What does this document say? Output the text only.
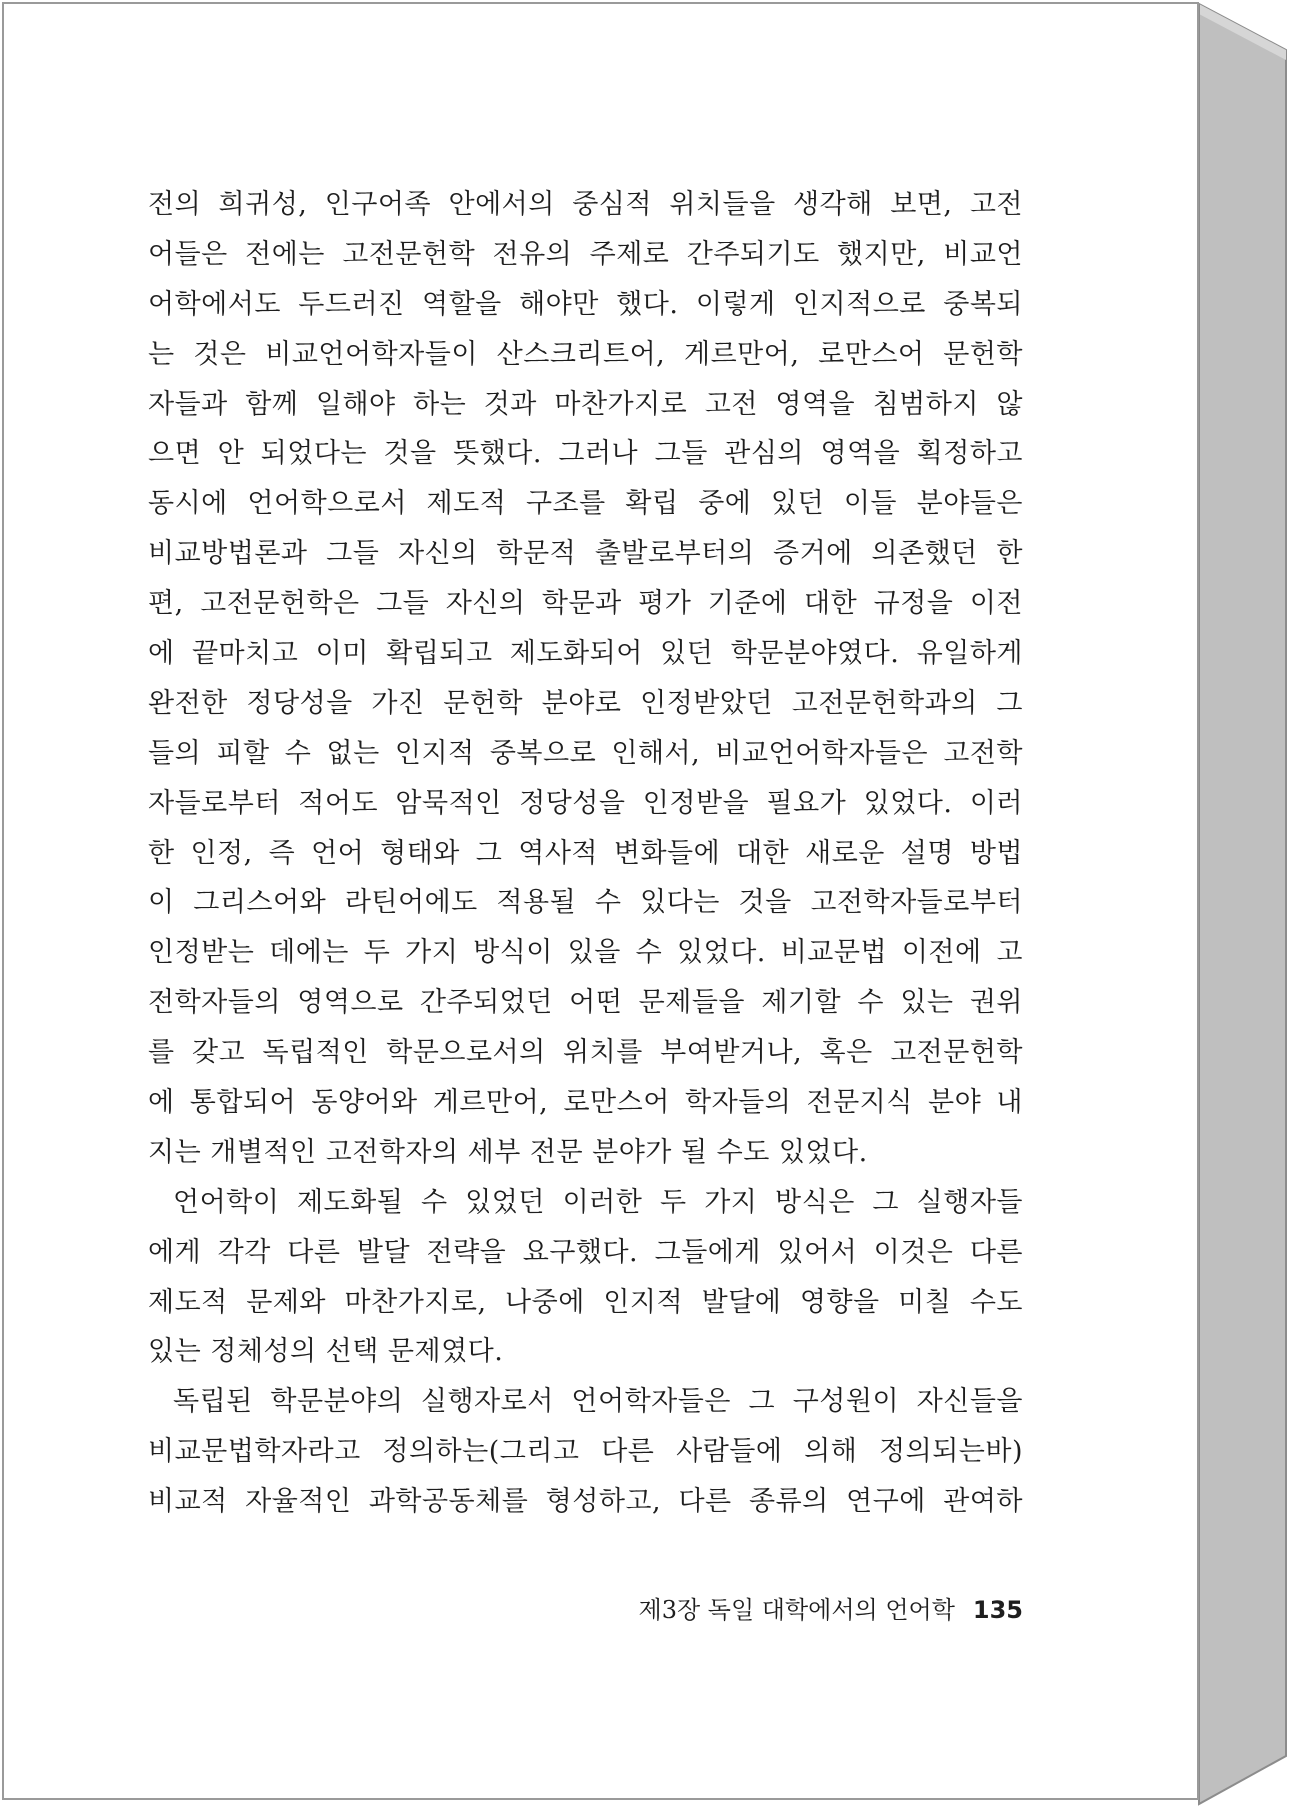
전의 희귀성, 인구어족 안에서의 중심적 위치들을 생각해 보면, 고전
어들은 전에는 고전문헌학 전유의 주제로 간주되기도 했지만, 비교언
어학에서도 두드러진 역할을 해야만 했다. 이렇게 인지적으로 중복되
는 것은 비교언어학자들이 산스크리트어, 게르만어, 로만스어 문헌학
자들과 함께 일해야 하는 것과 마찬가지로 고전 영역을 침범하지 않
으면 안 되었다는 것을 뜻했다. 그러나 그들 관심의 영역을 획정하고
동시에 언어학으로서 제도적 구조를 확립 중에 있던 이들 분야들은
비교방법론과 그들 자신의 학문적 출발로부터의 증거에 의존했던 한
편, 고전문헌학은 그들 자신의 학문과 평가 기준에 대한 규정을 이전
에 끝마치고 이미 확립되고 제도화되어 있던 학문분야였다. 유일하게
완전한 정당성을 가진 문헌학 분야로 인정받았던 고전문헌학과의 그
들의 피할 수 없는 인지적 중복으로 인해서, 비교언어학자들은 고전학
자들로부터 적어도 암묵적인 정당성을 인정받을 필요가 있었다. 이러
한 인정, 즉 언어 형태와 그 역사적 변화들에 대한 새로운 설명 방법
이 그리스어와 라틴어에도 적용될 수 있다는 것을 고전학자들로부터
인정받는 데에는 두 가지 방식이 있을 수 있었다. 비교문법 이전에 고
전학자들의 영역으로 간주되었던 어떤 문제들을 제기할 수 있는 권위
를 갖고 독립적인 학문으로서의 위치를 부여받거나, 혹은 고전문헌학
에 통합되어 동양어와 게르만어, 로만스어 학자들의 전문지식 분야 내
지는 개별적인 고전학자의 세부 전문 분야가 될 수도 있었다.
언어학이 제도화될 수 있었던 이러한 두 가지 방식은 그 실행자들
에게 각각 다른 발달 전략을 요구했다. 그들에게 있어서 이것은 다른
제도적 문제와 마찬가지로, 나중에 인지적 발달에 영향을 미칠 수도
있는 정체성의 선택 문제였다.
독립된 학문분야의 실행자로서 언어학자들은 그 구성원이 자신들을
비교문법학자라고 정의하는(그리고 다른 사람들에 의해 정의되는바)
비교적 자율적인 과학공동체를 형성하고, 다른 종류의 연구에 관여하
제3장 독일 대학에서의 언어학 135
